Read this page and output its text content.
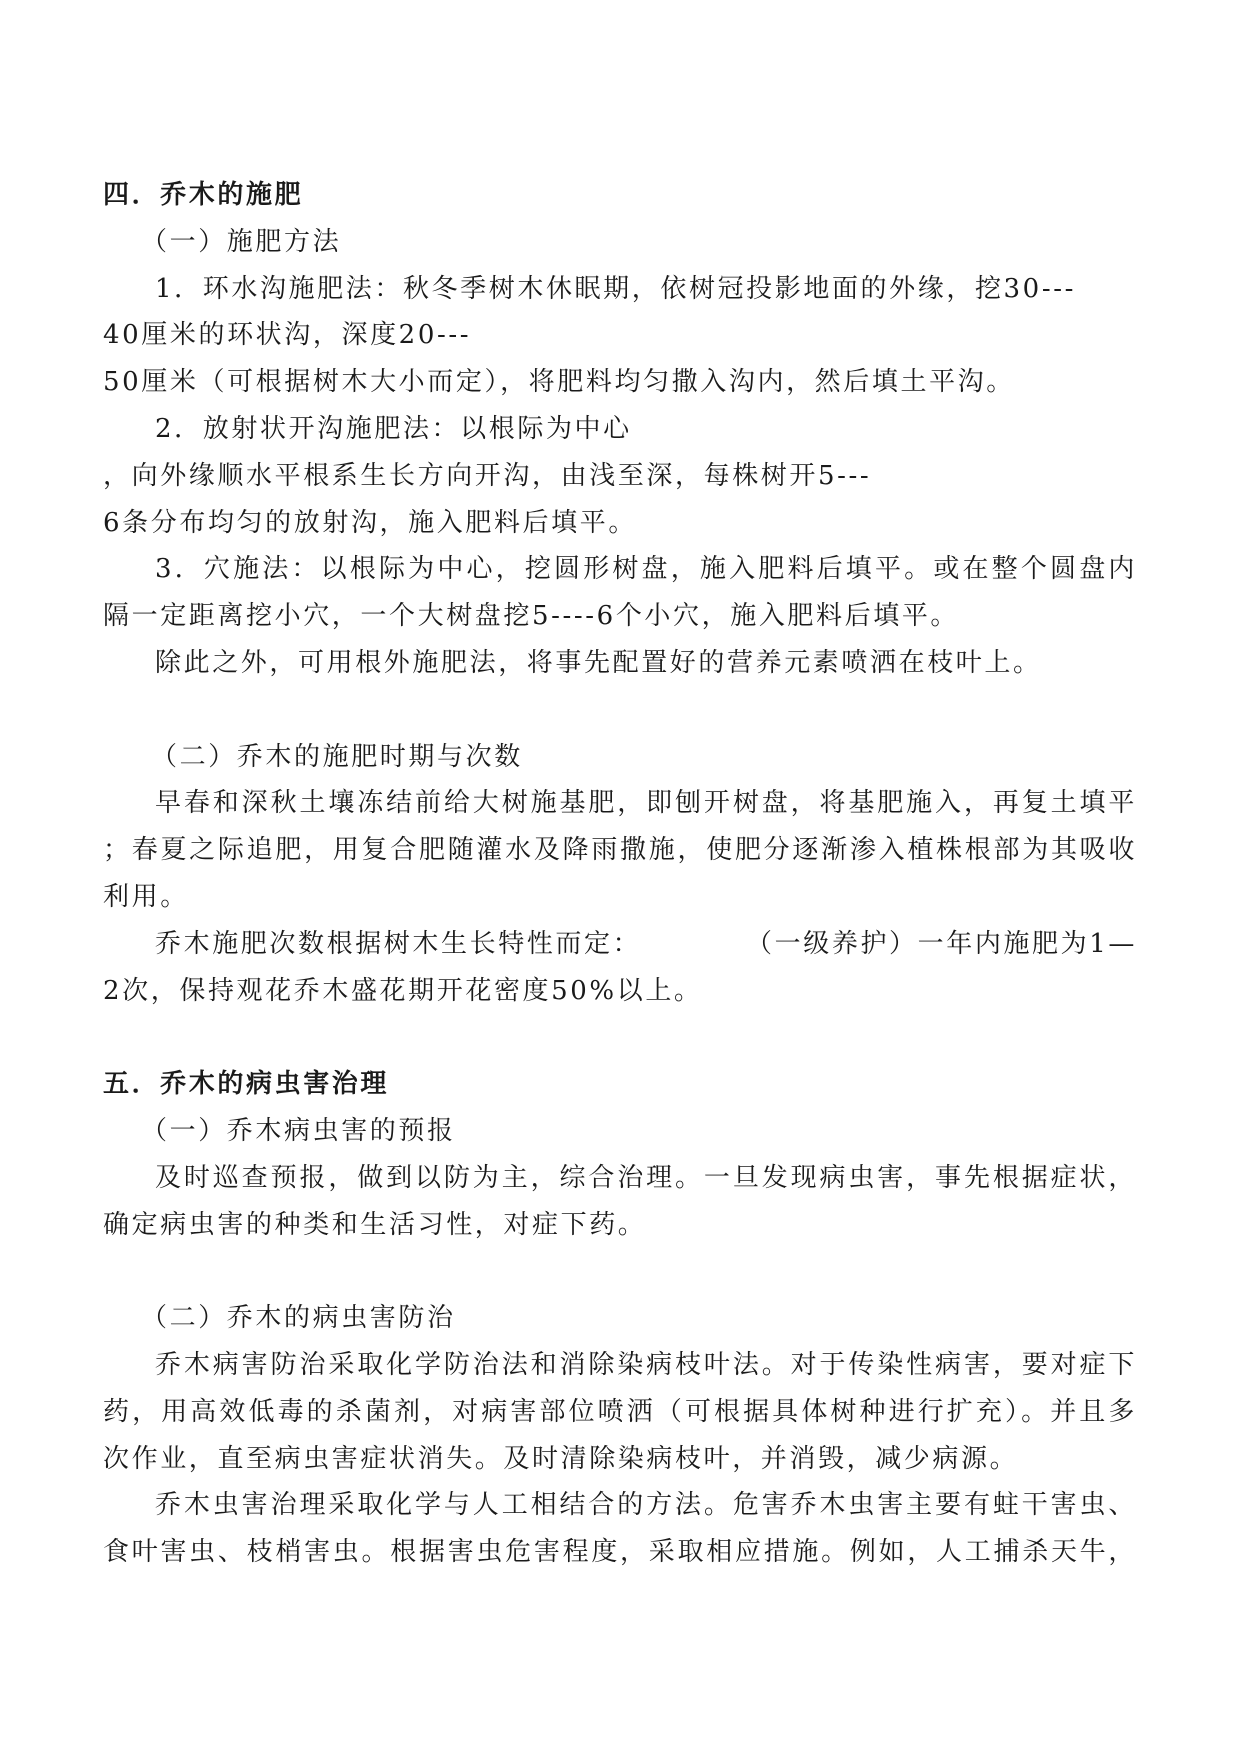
四．乔木的施肥
（一）施肥方法
1．环水沟施肥法：秋冬季树木休眠期，依树冠投影地面的外缘，挖30---
40厘米的环状沟，深度20---
50厘米（可根据树木大小而定），将肥料均匀撒入沟内，然后填土平沟。
2．放射状开沟施肥法：以根际为中心
，向外缘顺水平根系生长方向开沟，由浅至深，每株树开5---
6条分布均匀的放射沟，施入肥料后填平。
3．穴施法：以根际为中心，挖圆形树盘，施入肥料后填平。或在整个圆盘内
隔一定距离挖小穴，一个大树盘挖5----6个小穴，施入肥料后填平。
除此之外，可用根外施肥法，将事先配置好的营养元素喷洒在枝叶上。
（二）乔木的施肥时期与次数
早春和深秋土壤冻结前给大树施基肥，即刨开树盘，将基肥施入，再复土填平
；春夏之际追肥，用复合肥随灌水及降雨撒施，使肥分逐渐渗入植株根部为其吸收
利用。
乔木施肥次数根据树木生长特性而定：	（一级养护）一年内施肥为1—
2次，保持观花乔木盛花期开花密度50%以上。
五．乔木的病虫害治理
（一）乔木病虫害的预报
及时巡查预报，做到以防为主，综合治理。一旦发现病虫害，事先根据症状，
确定病虫害的种类和生活习性，对症下药。
（二）乔木的病虫害防治
乔木病害防治采取化学防治法和消除染病枝叶法。对于传染性病害，要对症下
药，用高效低毒的杀菌剂，对病害部位喷洒（可根据具体树种进行扩充）。并且多
次作业，直至病虫害症状消失。及时清除染病枝叶，并消毁，减少病源。
乔木虫害治理采取化学与人工相结合的方法。危害乔木虫害主要有蛀干害虫、
食叶害虫、枝梢害虫。根据害虫危害程度，采取相应措施。例如，人工捕杀天牛，
